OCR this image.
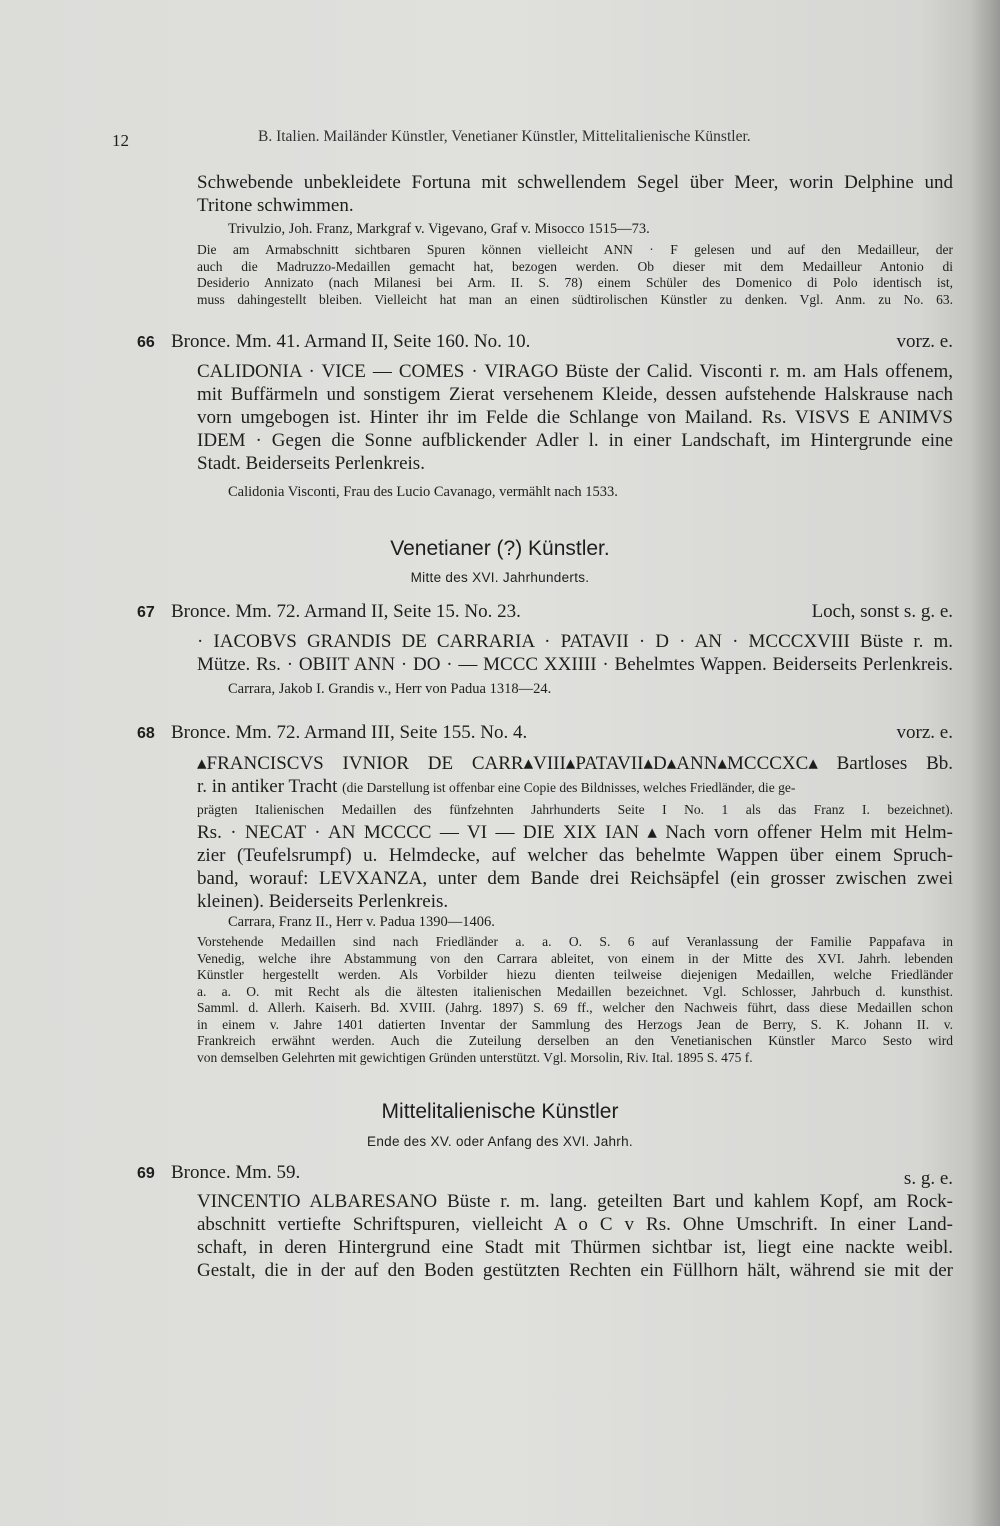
12	B. Italien. Mailänder Künstler, Venetianer Künstler, Mittelitalienische Künstler.
Schwebende unbekleidete Fortuna mit schwellendem Segel über Meer, worin Delphine und
Tritone schwimmen.
Trivulzio, Joh. Franz, Markgraf v. Vigevano, Graf v. Misocco 1515—73.
Die am Armabschnitt sichtbaren Spuren können vielleicht ANN · F gelesen und auf den Medailleur, der
auch die Madruzzo-Medaillen gemacht hat, bezogen werden. Ob dieser mit dem Medailleur Antonio di
Desiderio Annizato (nach Milanesi bei Arm. II. S. 78) einem Schüler des Domenico di Polo identisch ist,
muss dahingestellt bleiben. Vielleicht hat man an einen südtirolischen Künstler zu denken. Vgl. Anm. zu No. 63.
66 Bronce. Mm. 41. Armand II, Seite 160. No. 10.	vorz. e.
CALIDONIA · VICE — COMES · VIRAGO Büste der Calid. Visconti r. m. am Hals offenem,
mit Buffärmeln und sonstigem Zierat versehenem Kleide, dessen aufstehende Halskrause nach
vorn umgebogen ist. Hinter ihr im Felde die Schlange von Mailand. Rs. VISVS E ANIMVS
IDEM · Gegen die Sonne aufblickender Adler l. in einer Landschaft, im Hintergrunde eine
Stadt. Beiderseits Perlenkreis.
Calidonia Visconti, Frau des Lucio Cavanago, vermählt nach 1533.
Venetianer (?) Künstler.
Mitte des XVI. Jahrhunderts.
67 Bronce. Mm. 72. Armand II, Seite 15. No. 23.	Loch, sonst s. g. e.
· IACOBVS GRANDIS DE CARRARIA · PATAVII · D · AN · MCCCXVIII Büste r. m.
Mütze. Rs. · OBIIT ANN · DO · — MCCC XXIIII · Behelmtes Wappen. Beiderseits Perlenkreis.
Carrara, Jakob I. Grandis v., Herr von Padua 1318—24.
68 Bronce. Mm. 72. Armand III, Seite 155. No. 4.	vorz. e.
▴FRANCISCVS IVNIOR DE CARR▴VIII▴PATAVII▴D▴ANN▴MCCCXC▴ Bartloses Bb.
r. in antiker Tracht (die Darstellung ist offenbar eine Copie des Bildnisses, welches Friedländer, die ge-
prägten Italienischen Medaillen des fünfzehnten Jahrhunderts Seite I No. 1 als das Franz I. bezeichnet).
Rs. · NECAT · AN MCCCC — VI — DIE XIX IAN ▴ Nach vorn offener Helm mit Helm-
zier (Teufelsrumpf) u. Helmdecke, auf welcher das behelmte Wappen über einem Spruch-
band, worauf: LEVXANZA, unter dem Bande drei Reichsäpfel (ein grosser zwischen zwei
kleinen). Beiderseits Perlenkreis.
Carrara, Franz II., Herr v. Padua 1390—1406.
Vorstehende Medaillen sind nach Friedländer a. a. O. S. 6 auf Veranlassung der Familie Pappafava in
Venedig, welche ihre Abstammung von den Carrara ableitet, von einem in der Mitte des XVI. Jahrh. lebenden
Künstler hergestellt werden. Als Vorbilder hiezu dienten teilweise diejenigen Medaillen, welche Friedländer
a. a. O. mit Recht als die ältesten italienischen Medaillen bezeichnet. Vgl. Schlosser, Jahrbuch d. kunsthist.
Samml. d. Allerh. Kaiserh. Bd. XVIII. (Jahrg. 1897) S. 69 ff., welcher den Nachweis führt, dass diese Medaillen schon
in einem v. Jahre 1401 datierten Inventar der Sammlung des Herzogs Jean de Berry, S. K. Johann II. v.
Frankreich erwähnt werden. Auch die Zuteilung derselben an den Venetianischen Künstler Marco Sesto wird
von demselben Gelehrten mit gewichtigen Gründen unterstützt. Vgl. Morsolin, Riv. Ital. 1895 S. 475 f.
Mittelitalienische Künstler
Ende des XV. oder Anfang des XVI. Jahrh.
69 Bronce. Mm. 59.	s. g. e.
VINCENTIO ALBARESANO Büste r. m. lang. geteilten Bart und kahlem Kopf, am Rock-
abschnitt vertiefte Schriftspuren, vielleicht A o C v Rs. Ohne Umschrift. In einer Land-
schaft, in deren Hintergrund eine Stadt mit Thürmen sichtbar ist, liegt eine nackte weibl.
Gestalt, die in der auf den Boden gestützten Rechten ein Füllhorn hält, während sie mit der
